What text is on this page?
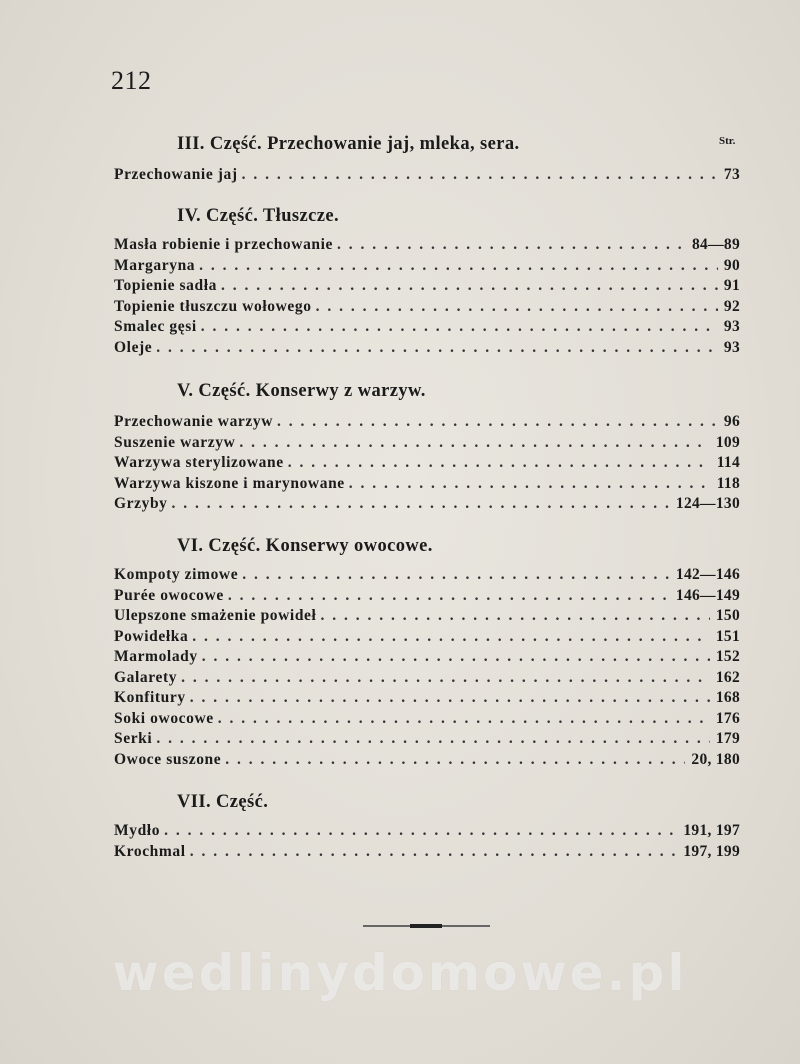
212
Str.
III. Część. Przechowanie jaj, mleka, sera.
Przechowanie jaj . . .	73
IV. Część. Tłuszcze.
Masła robienie i przechowanie . . .	84—89
Margaryna . . .	90
Topienie sadła . . .	91
Topienie tłuszczu wołowego . . .	92
Smalec gęsi . . .	93
Oleje . . .	93
V. Część. Konserwy z warzyw.
Przechowanie warzyw . . .	96
Suszenie warzyw . . .	109
Warzywa sterylizowane . . .	114
Warzywa kiszone i marynowane . . .	118
Grzyby . . .	124—130
VI. Część. Konserwy owocowe.
Kompoty zimowe . . .	142—146
Purée owocowe . . .	146—149
Ulepszone smażenie powideł . . .	150
Powidełka . . .	151
Marmolady . . .	152
Galarety . . .	162
Konfitury . . .	168
Soki owocowe . . .	176
Serki . . .	179
Owoce suszone . . .	20, 180
VII. Część.
Mydło . . .	191, 197
Krochmal . . .	197, 199
wedlinydomowe.pl
